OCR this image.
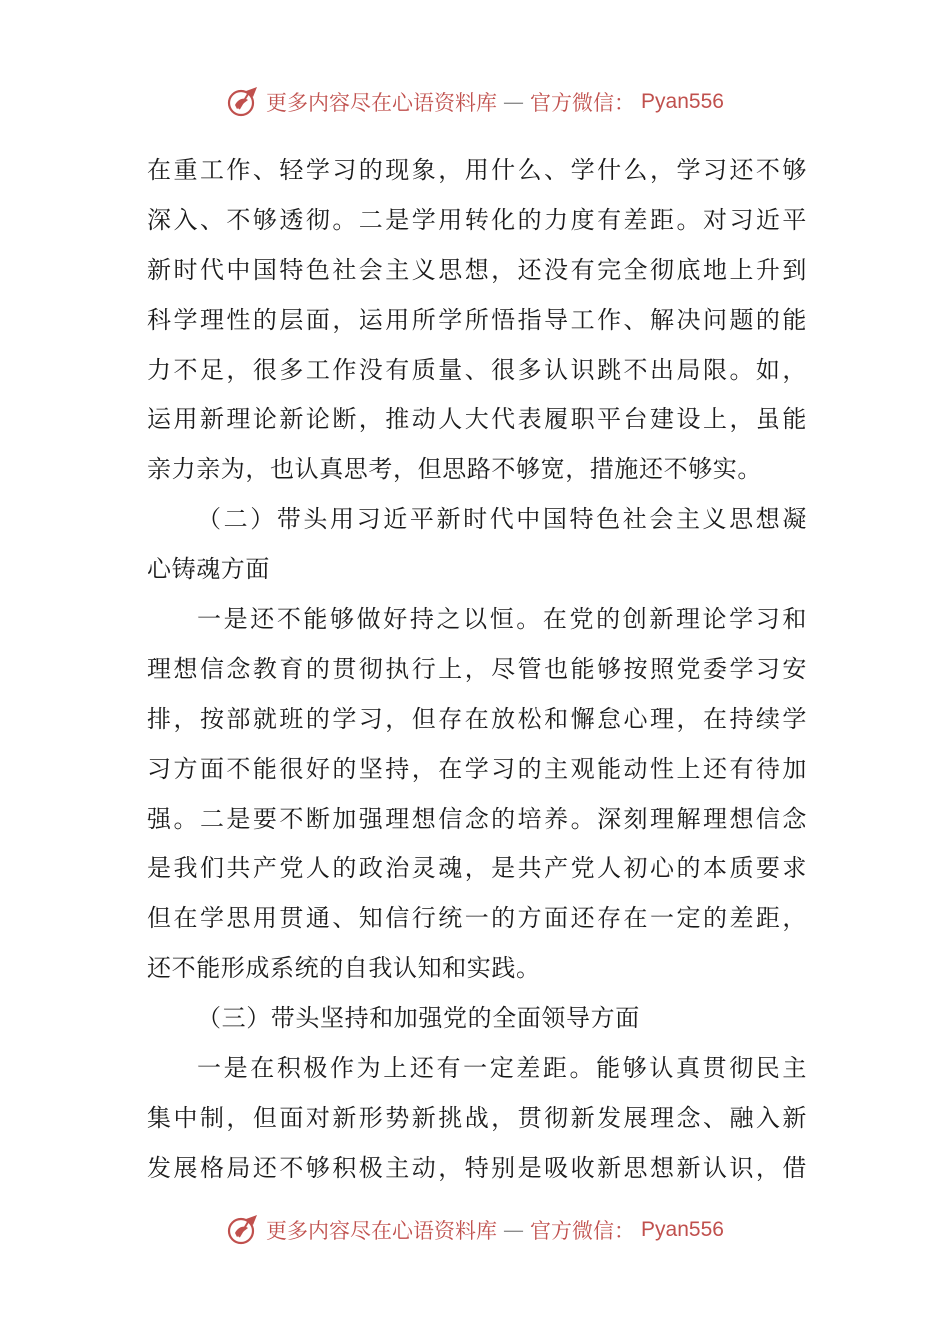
更多内容尽在心语资料库 — 官方微信： Pyan556
在重工作、轻学习的现象，用什么、学什么，学习还不够
深入、不够透彻。二是学用转化的力度有差距。对习近平
新时代中国特色社会主义思想，还没有完全彻底地上升到
科学理性的层面，运用所学所悟指导工作、解决问题的能
力不足，很多工作没有质量、很多认识跳不出局限。如，
运用新理论新论断，推动人大代表履职平台建设上，虽能
亲力亲为，也认真思考，但思路不够宽，措施还不够实。
（二）带头用习近平新时代中国特色社会主义思想凝
心铸魂方面
一是还不能够做好持之以恒。在党的创新理论学习和
理想信念教育的贯彻执行上，尽管也能够按照党委学习安
排，按部就班的学习，但存在放松和懈怠心理，在持续学
习方面不能很好的坚持，在学习的主观能动性上还有待加
强。二是要不断加强理想信念的培养。深刻理解理想信念
是我们共产党人的政治灵魂，是共产党人初心的本质要求
但在学思用贯通、知信行统一的方面还存在一定的差距，
还不能形成系统的自我认知和实践。
（三）带头坚持和加强党的全面领导方面
一是在积极作为上还有一定差距。能够认真贯彻民主
集中制，但面对新形势新挑战，贯彻新发展理念、融入新
发展格局还不够积极主动，特别是吸收新思想新认识，借
更多内容尽在心语资料库 — 官方微信： Pyan556
